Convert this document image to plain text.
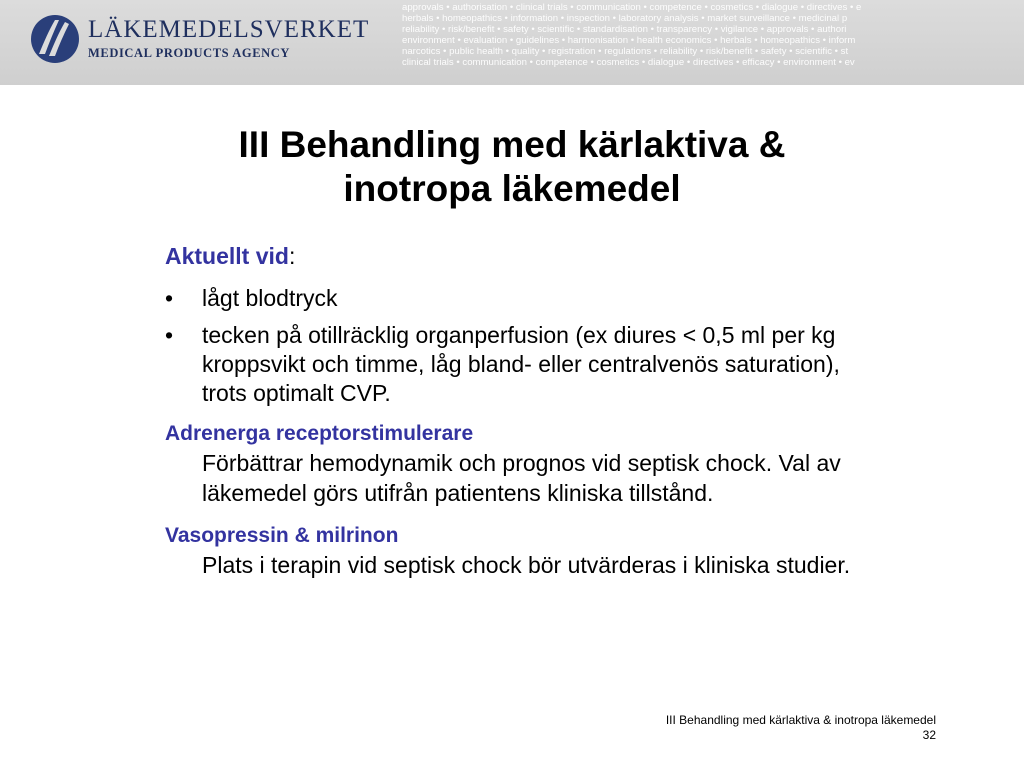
LÄKEMEDELSVERKET
MEDICAL PRODUCTS AGENCY
approvals • authorisation • clinical trials • communication • competence • cosmetics • dialogue • directives • e
herbals • homeopathics • information • inspection • laboratory analysis • market surveillance • medicinal p
reliability • risk/benefit • safety • scientific • standardisation • transparency • vigilance • approvals • authori
environment • evaluation • guidelines • harmonisation • health economics • herbals • homeopathics • inform
narcotics • public health • quality • registration • regulations • reliability • risk/benefit • safety • scientific • st
clinical trials • communication • competence • cosmetics • dialogue • directives • efficacy • environment • ev
III Behandling med kärlaktiva &
inotropa läkemedel
Aktuellt vid:
• lågt blodtryck
• tecken på otillräcklig organperfusion (ex diures < 0,5 ml per kg kroppsvikt och timme, låg bland- eller centralvenös saturation), trots optimalt CVP.
Adrenerga receptorstimulerare
Förbättrar hemodynamik och prognos vid septisk chock. Val av läkemedel görs utifrån patientens kliniska tillstånd.
Vasopressin & milrinon
Plats i terapin vid septisk chock bör utvärderas i kliniska studier.
III Behandling med kärlaktiva & inotropa läkemedel
32
